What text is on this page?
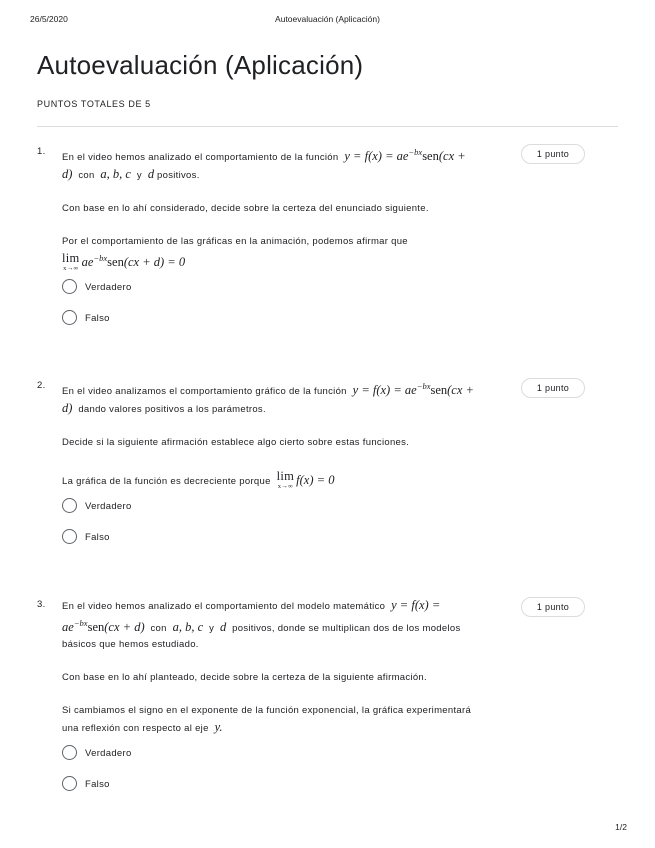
26/5/2020	Autoevaluación (Aplicación)
Autoevaluación (Aplicación)
PUNTOS TOTALES DE 5
1.

En el video hemos analizado el comportamiento de la función $y = f(x) = ae^{-bx}sen(cx$ +
d) con a, b, c y d positivos.

Con base en lo ahí considerado, decide sobre la certeza del enunciado siguiente.

Por el comportamiento de las gráficas en la animación, podemos afirmar que
lim
x→∞ $ae^{-bx}sen(cx + d) = 0$

1 punto
Verdadero
Falso
2.

En el video analizamos el comportamiento gráfico de la función $y = f(x) = ae^{-bx}sen(cx$ +
d) dando valores positivos a los parámetros.

Decide si la siguiente afirmación establece algo cierto sobre estas funciones.

La gráfica de la función es decreciente porque lim
x→∞ f(x) = 0

1 punto
Verdadero
Falso
3. En el video hemos analizado el comportamiento del modelo matemático y = f(x) =
$ae^{-bx}sen(cx + d)$ con a, b, c y d positivos, donde se multiplican dos de los modelos
básicos que hemos estudiado.

Con base en lo ahí planteado, decide sobre la certeza de la siguiente afirmación.

Si cambiamos el signo en el exponente de la función exponencial, la gráfica experimentará
una reflexión con respecto al eje y.

1 punto
Verdadero
Falso
1/2
